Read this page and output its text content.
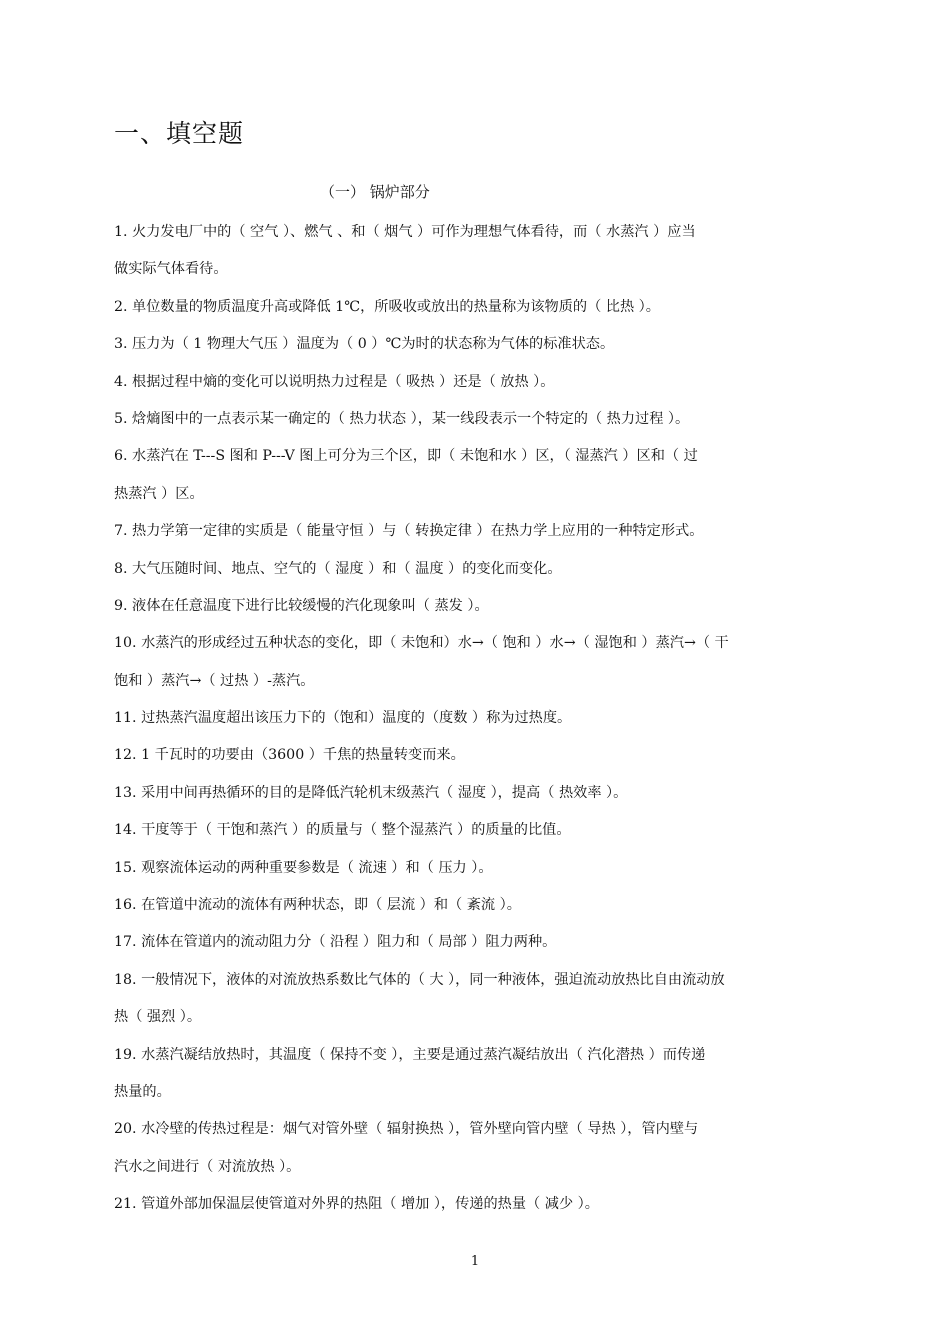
一、填空题
（一） 锅炉部分
1. 火力发电厂中的（ 空气 ）、燃气 、和（ 烟气 ）可作为理想气体看待，而（ 水蒸汽 ）应当
做实际气体看待。
2. 单位数量的物质温度升高或降低 1℃，所吸收或放出的热量称为该物质的（ 比热 ）。
3. 压力为（ 1 物理大气压 ）温度为（ 0 ）℃为时的状态称为气体的标准状态。
4. 根据过程中熵的变化可以说明热力过程是（ 吸热 ）还是（ 放热 ）。
5. 焓熵图中的一点表示某一确定的（ 热力状态 ），某一线段表示一个特定的（ 热力过程 ）。
6. 水蒸汽在 T---S 图和 P---V 图上可分为三个区，即（ 未饱和水 ）区，（ 湿蒸汽 ）区和（ 过
热蒸汽 ）区。
7. 热力学第一定律的实质是（ 能量守恒 ）与（ 转换定律 ）在热力学上应用的一种特定形式。
8. 大气压随时间、地点、空气的（ 湿度 ）和（ 温度 ）的变化而变化。
9. 液体在任意温度下进行比较缓慢的汽化现象叫（ 蒸发 ）。
10. 水蒸汽的形成经过五种状态的变化，即（ 未饱和）水→（ 饱和 ）水→（ 湿饱和 ）蒸汽→（ 干
饱和 ）蒸汽→（ 过热 ）-蒸汽。
11. 过热蒸汽温度超出该压力下的（饱和）温度的（度数 ）称为过热度。
12. 1 千瓦时的功要由（3600 ）千焦的热量转变而来。
13. 采用中间再热循环的目的是降低汽轮机末级蒸汽（ 湿度 ），提高（ 热效率 ）。
14. 干度等于（ 干饱和蒸汽 ）的质量与（ 整个湿蒸汽 ）的质量的比值。
15. 观察流体运动的两种重要参数是（ 流速 ）和（ 压力 ）。
16. 在管道中流动的流体有两种状态，即（ 层流 ）和（ 紊流 ）。
17. 流体在管道内的流动阻力分（ 沿程 ）阻力和（ 局部 ）阻力两种。
18. 一般情况下，液体的对流放热系数比气体的（ 大 ），同一种液体，强迫流动放热比自由流动放
热（ 强烈 ）。
19. 水蒸汽凝结放热时，其温度（ 保持不变 ），主要是通过蒸汽凝结放出（ 汽化潜热 ）而传递
热量的。
20. 水冷壁的传热过程是：烟气对管外壁（ 辐射换热 ），管外壁向管内壁（ 导热 ），管内壁与
汽水之间进行（ 对流放热 ）。
21. 管道外部加保温层使管道对外界的热阻（ 增加 ），传递的热量（ 减少 ）。
1
